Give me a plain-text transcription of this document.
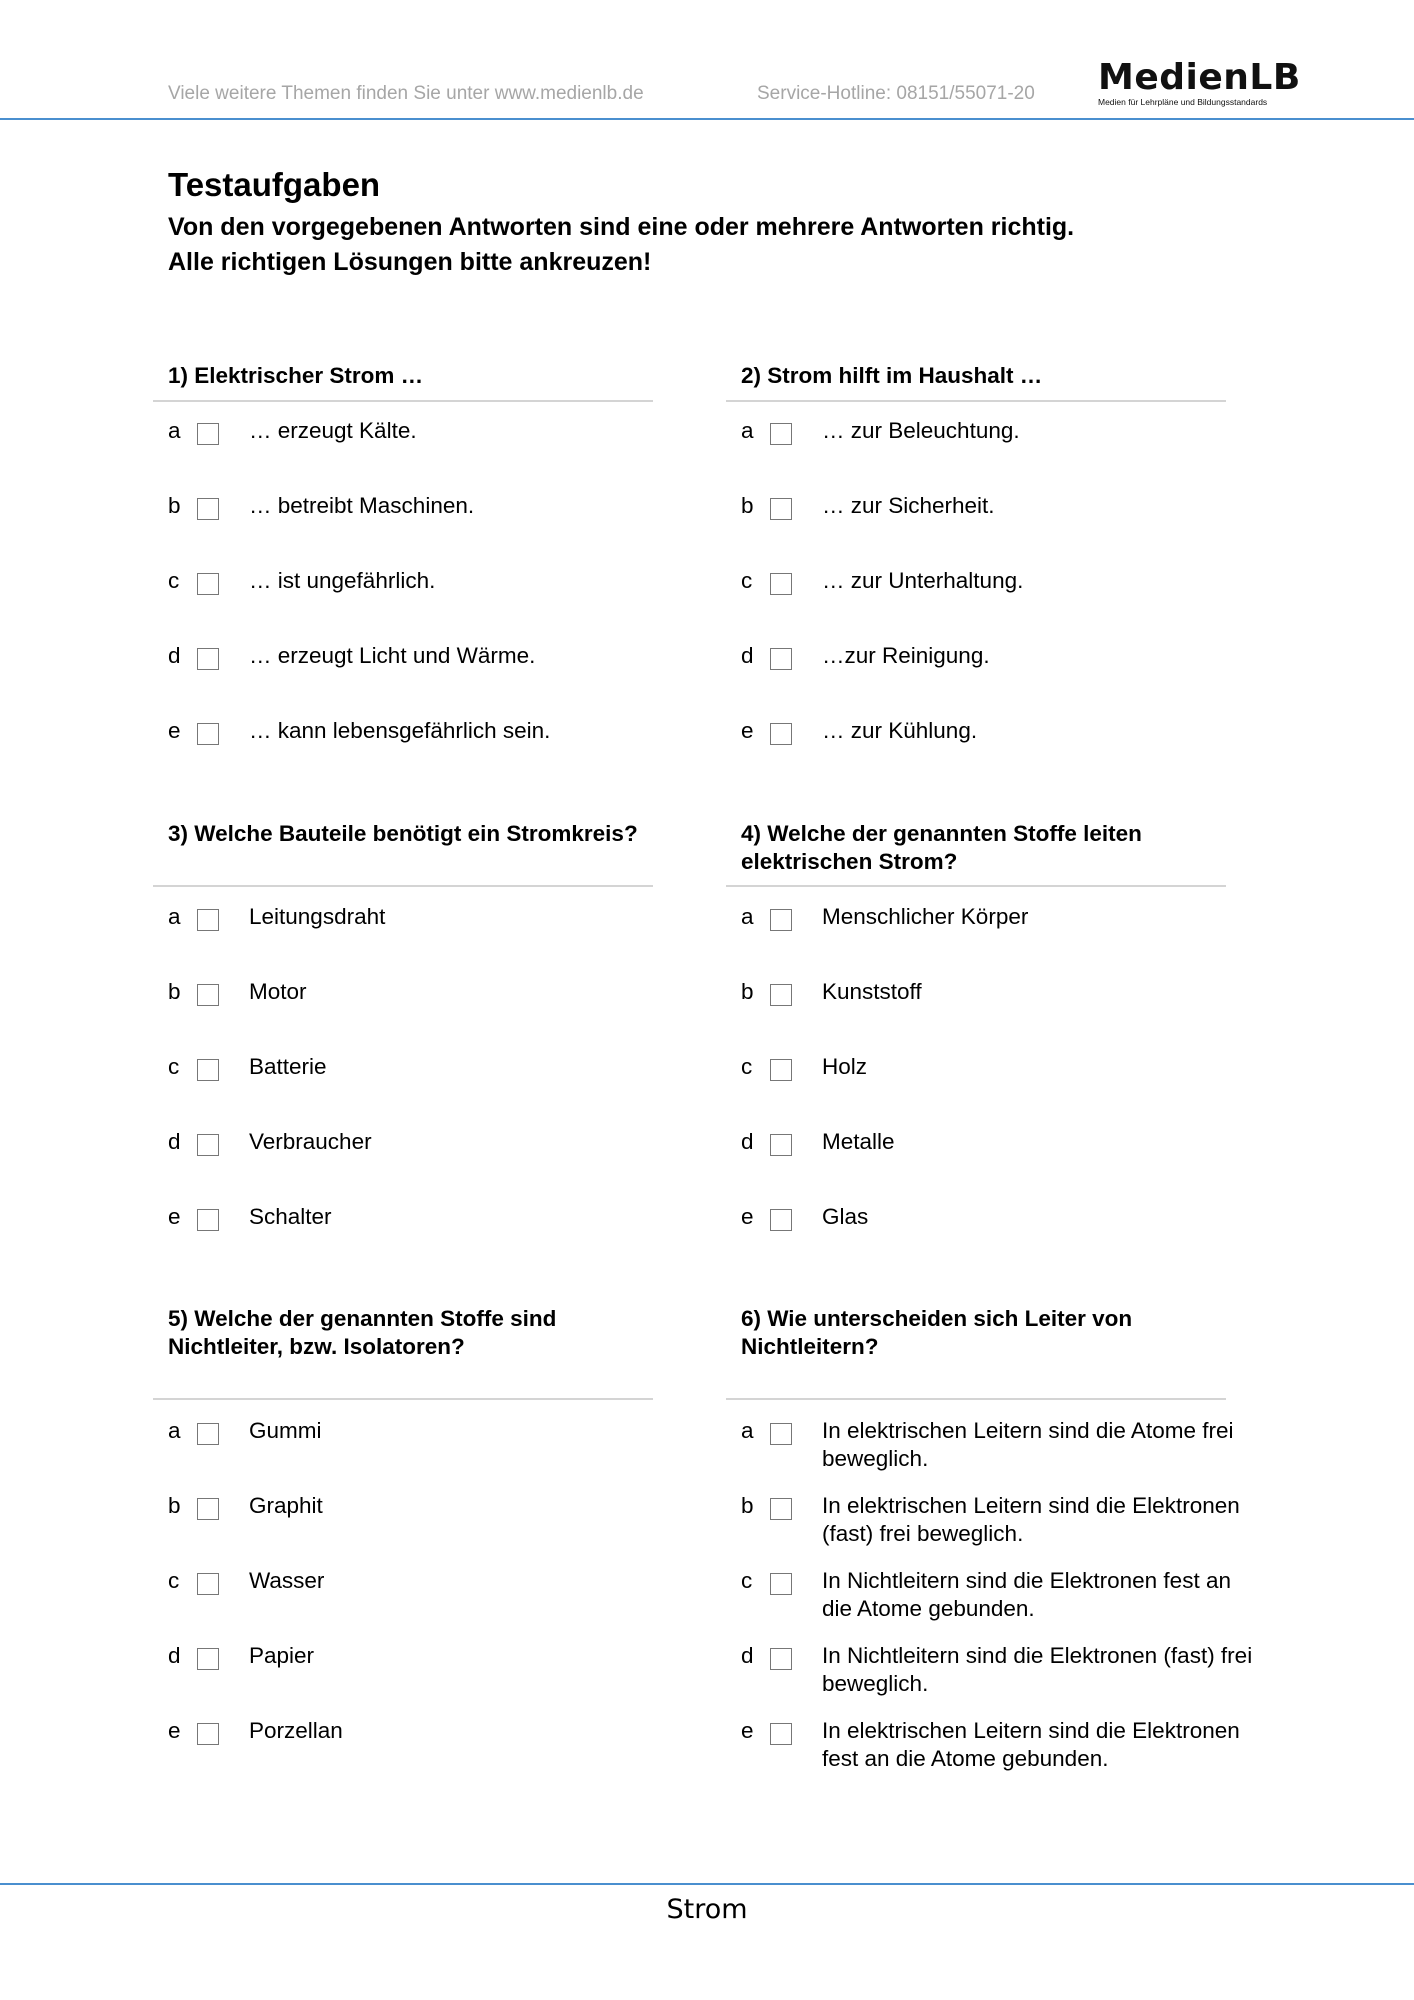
Viele weitere Themen finden Sie unter www.medienlb.de	Service-Hotline: 08151/55071-20 MedienLB
Medien für Lehrpläne und Bildungsstandards
Testaufgaben
Von den vorgegebenen Antworten sind eine oder mehrere Antworten richtig.
Alle richtigen Lösungen bitte ankreuzen!
1) Elektrischer Strom …
a	… erzeugt Kälte.
b	… betreibt Maschinen.
c	… ist ungefährlich.
d	… erzeugt Licht und Wärme.
e	… kann lebensgefährlich sein.
2) Strom hilft im Haushalt …
a	… zur Beleuchtung.
b	… zur Sicherheit.
c	… zur Unterhaltung.
d	…zur Reinigung.
e	… zur Kühlung.
3) Welche Bauteile benötigt ein Stromkreis?
a	Leitungsdraht
b	Motor
c	Batterie
d	Verbraucher
e	Schalter
4) Welche der genannten Stoffe leiten elektrischen Strom?
a	Menschlicher Körper
b	Kunststoff
c	Holz
d	Metalle
e	Glas
5) Welche der genannten Stoffe sind Nichtleiter, bzw. Isolatoren?
a	Gummi
b	Graphit
c	Wasser
d	Papier
e	Porzellan
6) Wie unterscheiden sich Leiter von Nichtleitern?
a	In elektrischen Leitern sind die Atome frei beweglich.
b	In elektrischen Leitern sind die Elektronen (fast) frei beweglich.
c	In Nichtleitern sind die Elektronen fest an die Atome gebunden.
d	In Nichtleitern sind die Elektronen (fast) frei beweglich.
e	In elektrischen Leitern sind die Elektronen fest an die Atome gebunden.
Strom
